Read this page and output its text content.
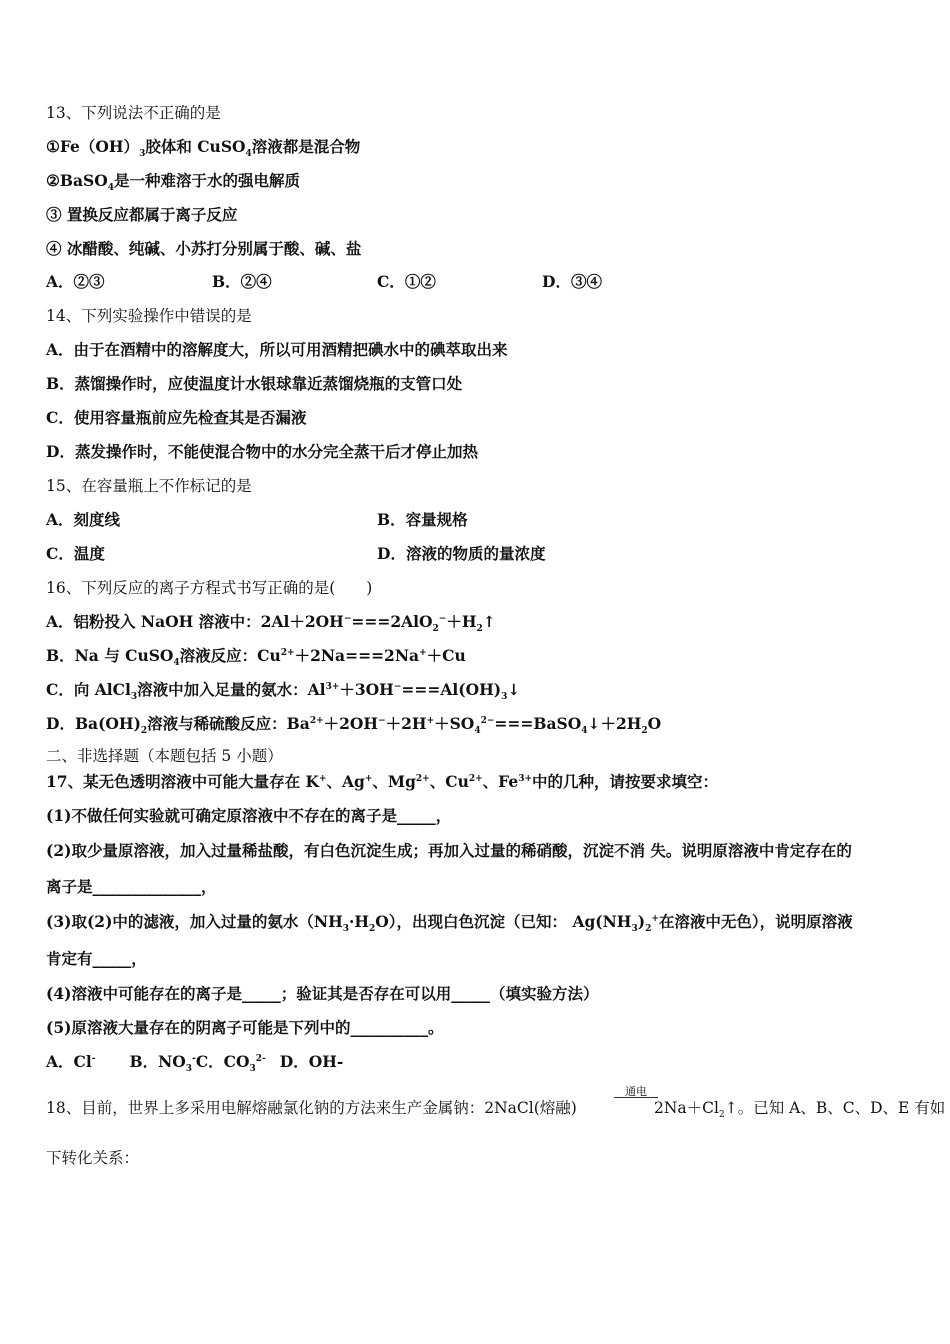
13、下列说法不正确的是
$①Fe(OH)_3$胶体和 CuSO$_4$溶液都是混合物
②BaSO$_4$是一种难溶于水的强电解质
③ 置换反应都属于离子反应
④ 冰醋酸、纯碱、小苏打分别属于酸、碱、盐
A．②③	B．②④	C．①②	D．③④
14、下列实验操作中错误的是
A．由于在酒精中的溶解度大，所以可用酒精把碘水中的碘萃取出来
B．蒸馏操作时，应使温度计水银球靠近蒸馏烧瓶的支管口处
C．使用容量瓶前应先检查其是否漏液
D．蒸发操作时，不能使混合物中的水分完全蒸干后才停止加热
15、在容量瓶上不作标记的是
A．刻度线	B．容量规格
C．温度	D．溶液的物质的量浓度
16、下列反应的离子方程式书写正确的是(　　)
A．铝粉投入 NaOH 溶液中：$2Al+2OH^-===2AlO_2^-+H_2↑$
B．Na 与 CuSO$_4$溶液反应：$Cu^{2+}+2Na===2Na^++Cu$
C．向 AlCl$_3$溶液中加入足量的氨水：$Al^{3+}+3OH^-===Al(OH)_3↓$
D．$Ba(OH)_2$溶液与稀硫酸反应：$Ba^{2+}+2OH^-+2H^++SO_4^{2-}===BaSO_4↓+2H_2O$
二、非选择题（本题包括 5 小题）
17、某无色透明溶液中可能大量存在 K+、Ag+、$Mg^{2+}$、$Cu^{2+}$、$Fe^{3+}$中的几种，请按要求填空：
(1)不做任何实验就可确定原溶液中不存在的离子是_____，
(2)取少量原溶液，加入过量稀盐酸，有白色沉淀生成；再加入过量的稀硝酸，沉淀不消 失。说明原溶液中肯定存在的
离子是______________，
(3)取(2)中的滤液，加入过量的氨水$(NH_3\cdot H_2O)$，出现白色沉淀（已知： $Ag(NH_3)_2^+$在溶液中无色），说明原溶液
肯定有_____，
(4)溶液中可能存在的离子是_____；验证其是否存在可以用_____（填实验方法）
(5)原溶液大量存在的阴离子可能是下列中的__________。
A．Cl- B．$NO_3^-C$．$CO_3^{2-}$ D．OH-
18、目前，世界上多采用电解熔融氯化钠的方法来生产金属钠：2NaCl(熔融)
通电
$2Na+Cl_2↑$。已知 A、B、C、D、E 有如
下转化关系：
